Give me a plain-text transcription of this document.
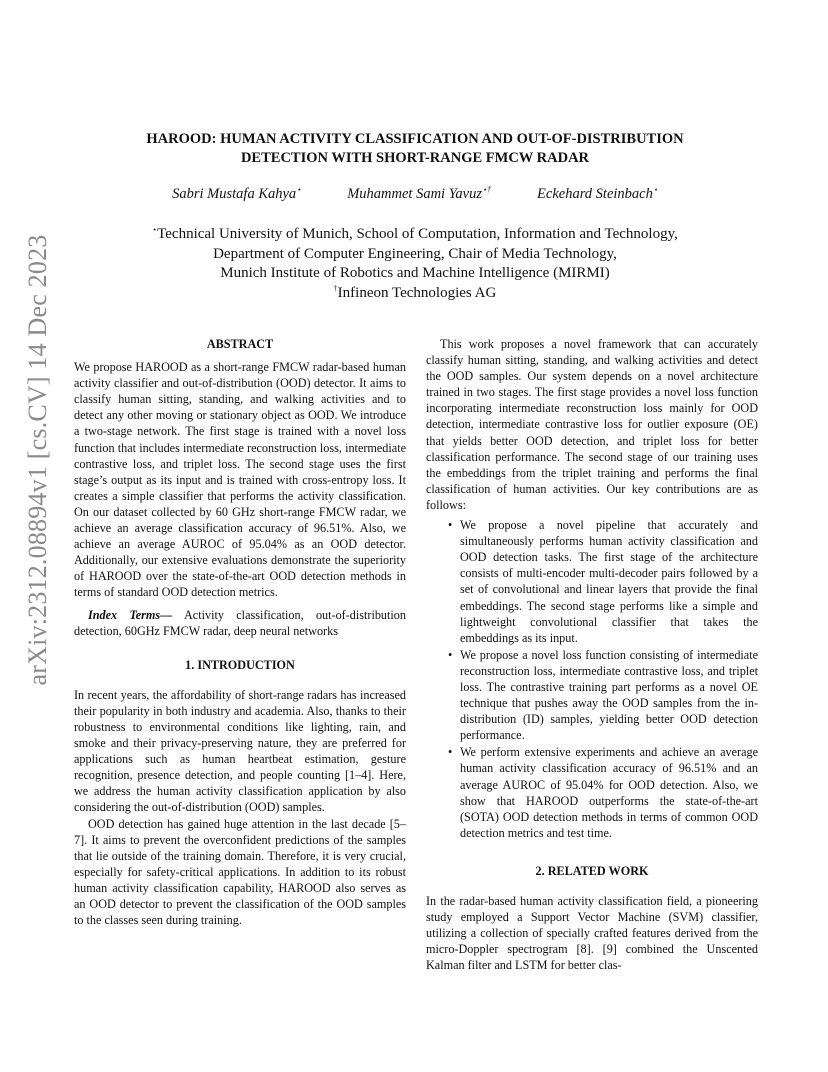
arXiv:2312.08894v1 [cs.CV] 14 Dec 2023
HAROOD: HUMAN ACTIVITY CLASSIFICATION AND OUT-OF-DISTRIBUTION
DETECTION WITH SHORT-RANGE FMCW RADAR
Sabri Mustafa Kahya⋆	Muhammet Sami Yavuz⋆†	Eckehard Steinbach⋆
⋆Technical University of Munich, School of Computation, Information and Technology,
Department of Computer Engineering, Chair of Media Technology,
Munich Institute of Robotics and Machine Intelligence (MIRMI)
†Infineon Technologies AG
ABSTRACT

We propose HAROOD as a short-range FMCW radar-based human activity classifier and out-of-distribution (OOD) detector. It aims to classify human sitting, standing, and walking activities and to detect any other moving or stationary object as OOD. We introduce a two-stage network. The first stage is trained with a novel loss function that includes intermediate reconstruction loss, intermediate contrastive loss, and triplet loss. The second stage uses the first stage’s output as its input and is trained with cross-entropy loss. It creates a simple classifier that performs the activity classification. On our dataset collected by 60 GHz short-range FMCW radar, we achieve an average classification accuracy of 96.51%. Also, we achieve an average AUROC of 95.04% as an OOD detector. Additionally, our extensive evaluations demonstrate the superiority of HAROOD over the state-of-the-art OOD detection methods in terms of standard OOD detection metrics.

Index Terms— Activity classification, out-of-distribution detection, 60GHz FMCW radar, deep neural networks

1. INTRODUCTION

In recent years, the affordability of short-range radars has increased their popularity in both industry and academia. Also, thanks to their robustness to environmental conditions like lighting, rain, and smoke and their privacy-preserving nature, they are preferred for applications such as human heartbeat estimation, gesture recognition, presence detection, and people counting [1–4]. Here, we address the human activity classification application by also considering the out-of-distribution (OOD) samples.

OOD detection has gained huge attention in the last decade [5–7]. It aims to prevent the overconfident predictions of the samples that lie outside of the training domain. Therefore, it is very crucial, especially for safety-critical applications. In addition to its robust human activity classification capability, HAROOD also serves as an OOD detector to prevent the classification of the OOD samples to the classes seen during training.

This work proposes a novel framework that can accurately classify human sitting, standing, and walking activities and detect the OOD samples. Our system depends on a novel architecture trained in two stages. The first stage provides a novel loss function incorporating intermediate reconstruction loss mainly for OOD detection, intermediate contrastive loss for outlier exposure (OE) that yields better OOD detection, and triplet loss for better classification performance. The second stage of our training uses the embeddings from the triplet training and performs the final classification of human activities. Our key contributions are as follows:

• We propose a novel pipeline that accurately and simultaneously performs human activity classification and OOD detection tasks. The first stage of the architecture consists of multi-encoder multi-decoder pairs followed by a set of convolutional and linear layers that provide the final embeddings. The second stage performs like a simple and lightweight convolutional classifier that takes the embeddings as its input.
• We propose a novel loss function consisting of intermediate reconstruction loss, intermediate contrastive loss, and triplet loss. The contrastive training part performs as a novel OE technique that pushes away the OOD samples from the in-distribution (ID) samples, yielding better OOD detection performance.
• We perform extensive experiments and achieve an average human activity classification accuracy of 96.51% and an average AUROC of 95.04% for OOD detection. Also, we show that HAROOD outperforms the state-of-the-art (SOTA) OOD detection methods in terms of common OOD detection metrics and test time.
2. RELATED WORK

In the radar-based human activity classification field, a pioneering study employed a Support Vector Machine (SVM) classifier, utilizing a collection of specially crafted features derived from the micro-Doppler spectrogram [8]. [9] combined the Unscented Kalman filter and LSTM for better clas-
